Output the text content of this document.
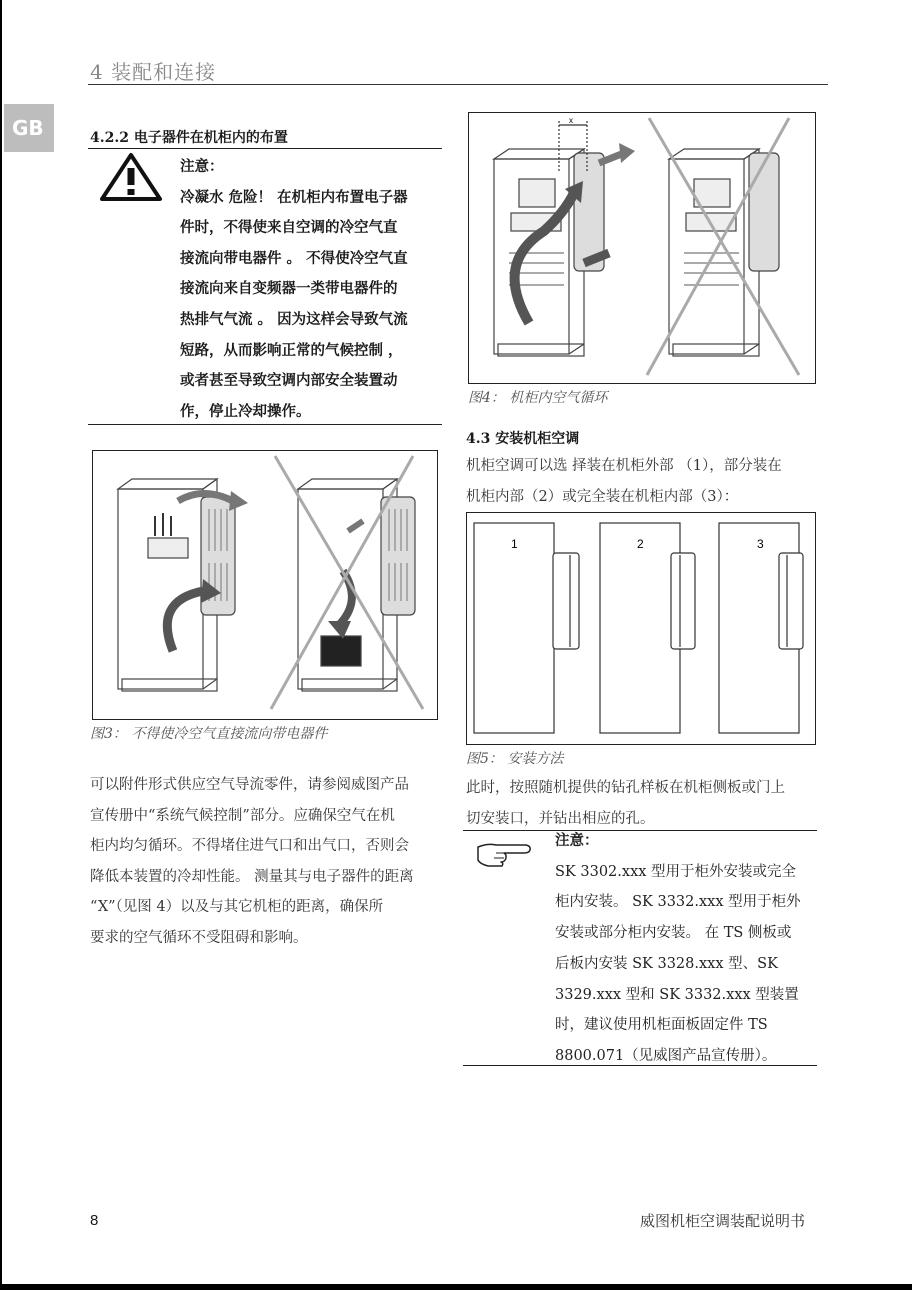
4 装配和连接
GB	4.2.2 电子器件在机柜内的布置
注意：
冷凝水 危险！ 在机柜内布置电子器
件时，不得使来自空调的冷空气直
接流向带电器件 。 不得使冷空气直
接流向来自变频器一类带电器件的
热排气气流 。 因为这样会导致气流
短路，从而影响正常的气候控制 ，
或者甚至导致空调内部安全装置动
作，停止冷却操作。
图3： 不得使冷空气直接流向带电器件
可以附件形式供应空气导流零件，请参阅威图产品
宣传册中“系统气候控制”部分。应确保空气在机
柜内均匀循环。不得堵住进气口和出气口，否则会
降低本装置的冷却性能。 测量其与电子器件的距离
“X”（见图 4）以及与其它机柜的距离，确保所
要求的空气循环不受阻碍和影响。
x
图4： 机柜内空气循环
4.3 安装机柜空调
机柜空调可以选 择装在机柜外部 （1），部分装在
机柜内部（2）或完全装在机柜内部（3）：
1	2	3
图5： 安装方法
此时，按照随机提供的钻孔样板在机柜侧板或门上
切安装口，并钻出相应的孔。
注意：
SK 3302.xxx 型用于柜外安装或完全
柜内安装。 SK 3332.xxx 型用于柜外
安装或部分柜内安装。 在 TS 侧板或
后板内安装 SK 3328.xxx 型、SK
3329.xxx 型和 SK 3332.xxx 型装置
时，建议使用机柜面板固定件 TS
8800.071（见威图产品宣传册）。
8	威图机柜空调装配说明书
